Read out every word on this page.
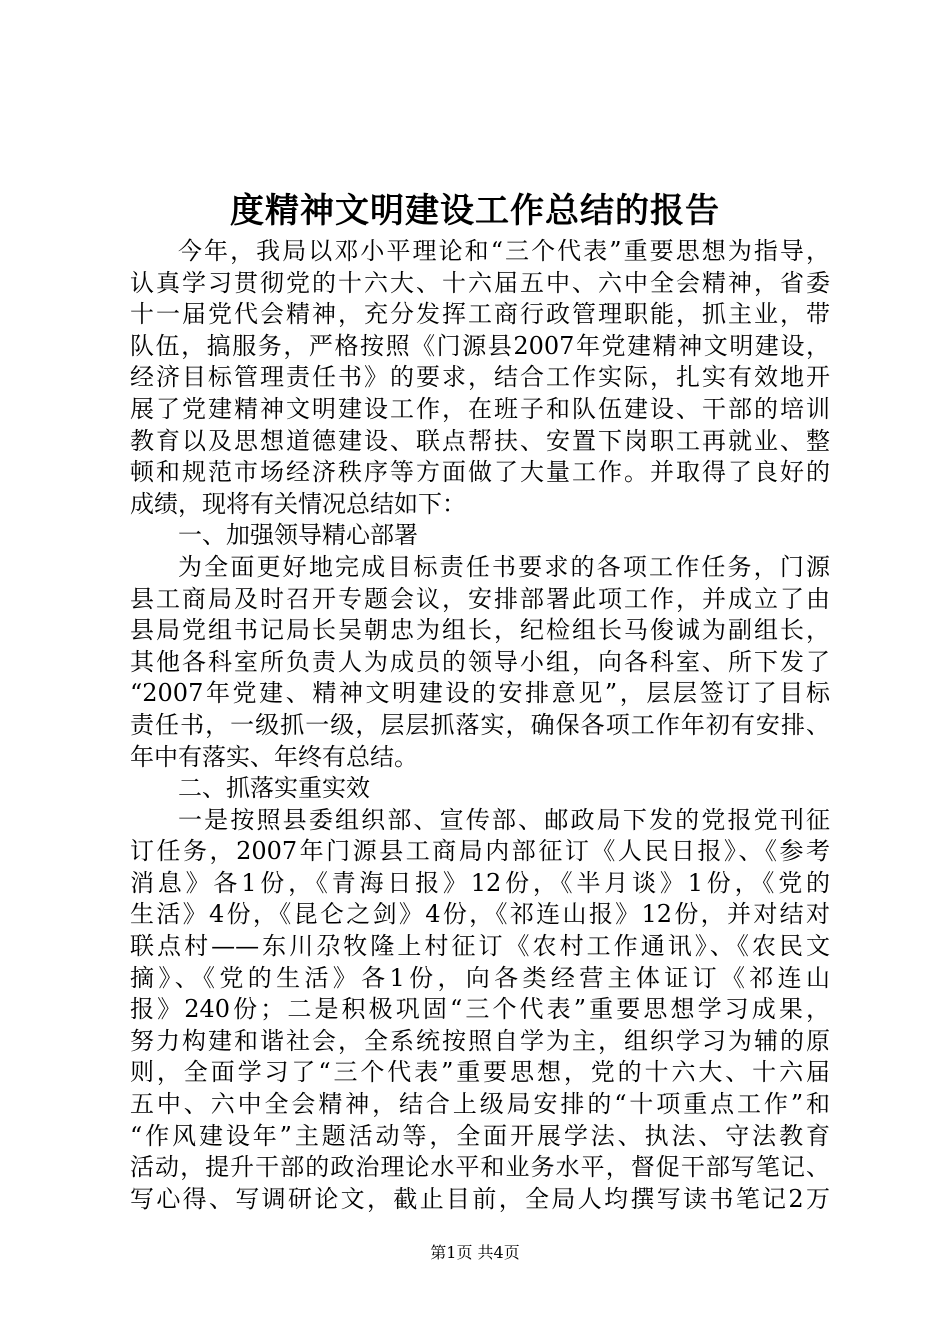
度精神文明建设工作总结的报告
今年，我局以邓小平理论和“三个代表”重要思想为指导，
认真学习贯彻党的十六大、十六届五中、六中全会精神，省委
十一届党代会精神，充分发挥工商行政管理职能，抓主业，带
队伍，搞服务，严格按照《门源县2007年党建精神文明建设，
经济目标管理责任书》的要求，结合工作实际，扎实有效地开
展了党建精神文明建设工作，在班子和队伍建设、干部的培训
教育以及思想道德建设、联点帮扶、安置下岗职工再就业、整
顿和规范市场经济秩序等方面做了大量工作。并取得了良好的
成绩，现将有关情况总结如下：
一、加强领导精心部署
为全面更好地完成目标责任书要求的各项工作任务，门源
县工商局及时召开专题会议，安排部署此项工作，并成立了由
县局党组书记局长吴朝忠为组长，纪检组长马俊诚为副组长，
其他各科室所负责人为成员的领导小组，向各科室、所下发了
“2007年党建、精神文明建设的安排意见”，层层签订了目标
责任书，一级抓一级，层层抓落实，确保各项工作年初有安排、
年中有落实、年终有总结。
二、抓落实重实效
一是按照县委组织部、宣传部、邮政局下发的党报党刊征
订任务，2007年门源县工商局内部征订《人民日报》、《参考
消息》各1份，《青海日报》12份，《半月谈》1份，《党的
生活》4份，《昆仑之剑》4份，《祁连山报》12份，并对结对
联点村——东川尕牧隆上村征订《农村工作通讯》、《农民文
摘》、《党的生活》各1份，向各类经营主体证订《祁连山
报》240份；二是积极巩固“三个代表”重要思想学习成果，
努力构建和谐社会，全系统按照自学为主，组织学习为辅的原
则，全面学习了“三个代表”重要思想，党的十六大、十六届
五中、六中全会精神，结合上级局安排的“十项重点工作”和
“作风建设年”主题活动等，全面开展学法、执法、守法教育
活动，提升干部的政治理论水平和业务水平，督促干部写笔记、
写心得、写调研论文，截止目前，全局人均撰写读书笔记2万
第1页 共4页
